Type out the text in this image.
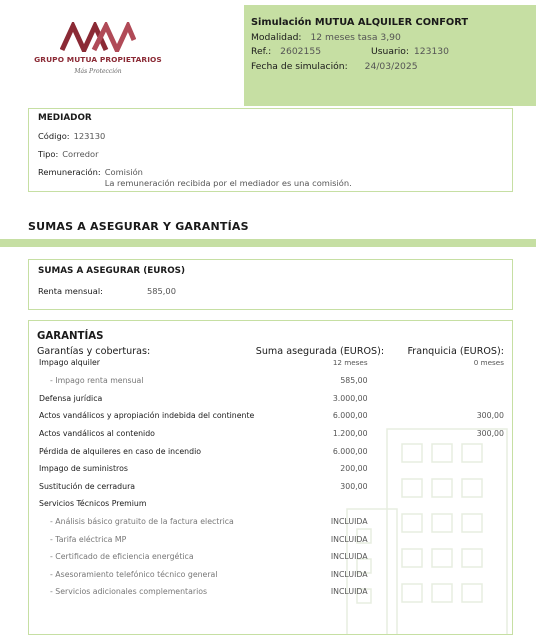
GRUPO MUTUA PROPIETARIOS
Más Protección
Simulación MUTUA ALQUILER CONFORT
Modalidad: 12 meses tasa 3,90
Ref.: 2602155	Usuario: 123130
Fecha de simulación: 24/03/2025
MEDIADOR
Código: 123130
Tipo: Corredor
Remuneración: Comisión
La remuneración recibida por el mediador es una comisión.
SUMAS A ASEGURAR Y GARANTÍAS
SUMAS A ASEGURAR (EUROS)
Renta mensual:	585,00
GARANTÍAS
Garantías y coberturas:	Suma asegurada (EUROS):	Franquicia (EUROS):
Impago alquiler	12 meses	0 meses
- Impago renta mensual	585,00
Defensa jurídica	3.000,00
Actos vandálicos y apropiación indebida del continente	6.000,00	300,00
Actos vandálicos al contenido	1.200,00	300,00
Pérdida de alquileres en caso de incendio	6.000,00
Impago de suministros	200,00
Sustitución de cerradura	300,00
Servicios Técnicos Premium
- Análisis básico gratuito de la factura electrica	INCLUIDA
- Tarifa eléctrica MP	INCLUIDA
- Certificado de eficiencia energética	INCLUIDA
- Asesoramiento telefónico técnico general	INCLUIDA
- Servicios adicionales complementarios	INCLUIDA
